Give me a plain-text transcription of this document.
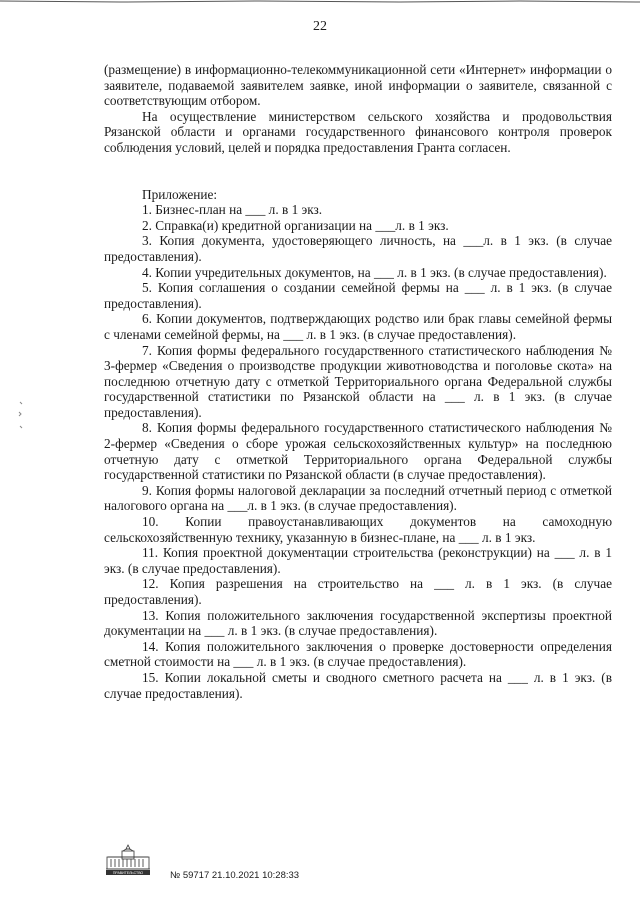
22

(размещение) в информационно-телекоммуникационной сети «Интернет» информации о заявителе, подаваемой заявителем заявке, иной информации о заявителе, связанной с соответствующим отбором.

На осуществление министерством сельского хозяйства и продовольствия Рязанской области и органами государственного финансового контроля проверок соблюдения условий, целей и порядка предоставления Гранта согласен.

Приложение:

1. Бизнес-план на ___ л. в 1 экз.

2. Справка(и) кредитной организации на ___л. в 1 экз.

3. Копия документа, удостоверяющего личность, на ___л. в 1 экз. (в случае предоставления).

4. Копии учредительных документов, на ___ л. в 1 экз. (в случае предоставления).

5. Копия соглашения о создании семейной фермы на ___ л. в 1 экз. (в случае предоставления).

6. Копии документов, подтверждающих родство или брак главы семейной фермы с членами семейной фермы, на ___ л. в 1 экз. (в случае предоставления).

7. Копия формы федерального государственного статистического наблюдения № 3-фермер «Сведения о производстве продукции животноводства и поголовье скота» на последнюю отчетную дату с отметкой Территориального органа Федеральной службы государственной статистики по Рязанской области на ___ л. в 1 экз. (в случае предоставления).

8. Копия формы федерального государственного статистического наблюдения № 2-фермер «Сведения о сборе урожая сельскохозяйственных культур» на последнюю отчетную дату с отметкой Территориального органа Федеральной службы государственной статистики по Рязанской области (в случае предоставления).

9. Копия формы налоговой декларации за последний отчетный период с отметкой налогового органа на ___л. в 1 экз. (в случае предоставления).

10. Копии правоустанавливающих документов на самоходную сельскохозяйственную технику, указанную в бизнес-плане, на ___ л. в 1 экз.

11. Копия проектной документации строительства (реконструкции) на ___ л. в 1 экз. (в случае предоставления).

12. Копия разрешения на строительство на ___ л. в 1 экз. (в случае предоставления).

13. Копия положительного заключения государственной экспертизы проектной документации на ___ л. в 1 экз. (в случае предоставления).

14. Копия положительного заключения о проверке достоверности определения сметной стоимости на ___ л. в 1 экз. (в случае предоставления).

15. Копии локальной сметы и сводного сметного расчета на ___ л. в 1 экз. (в случае предоставления).

ПРАВИТЕЛЬСТВО	№ 59717 21.10.2021 10:28:33
